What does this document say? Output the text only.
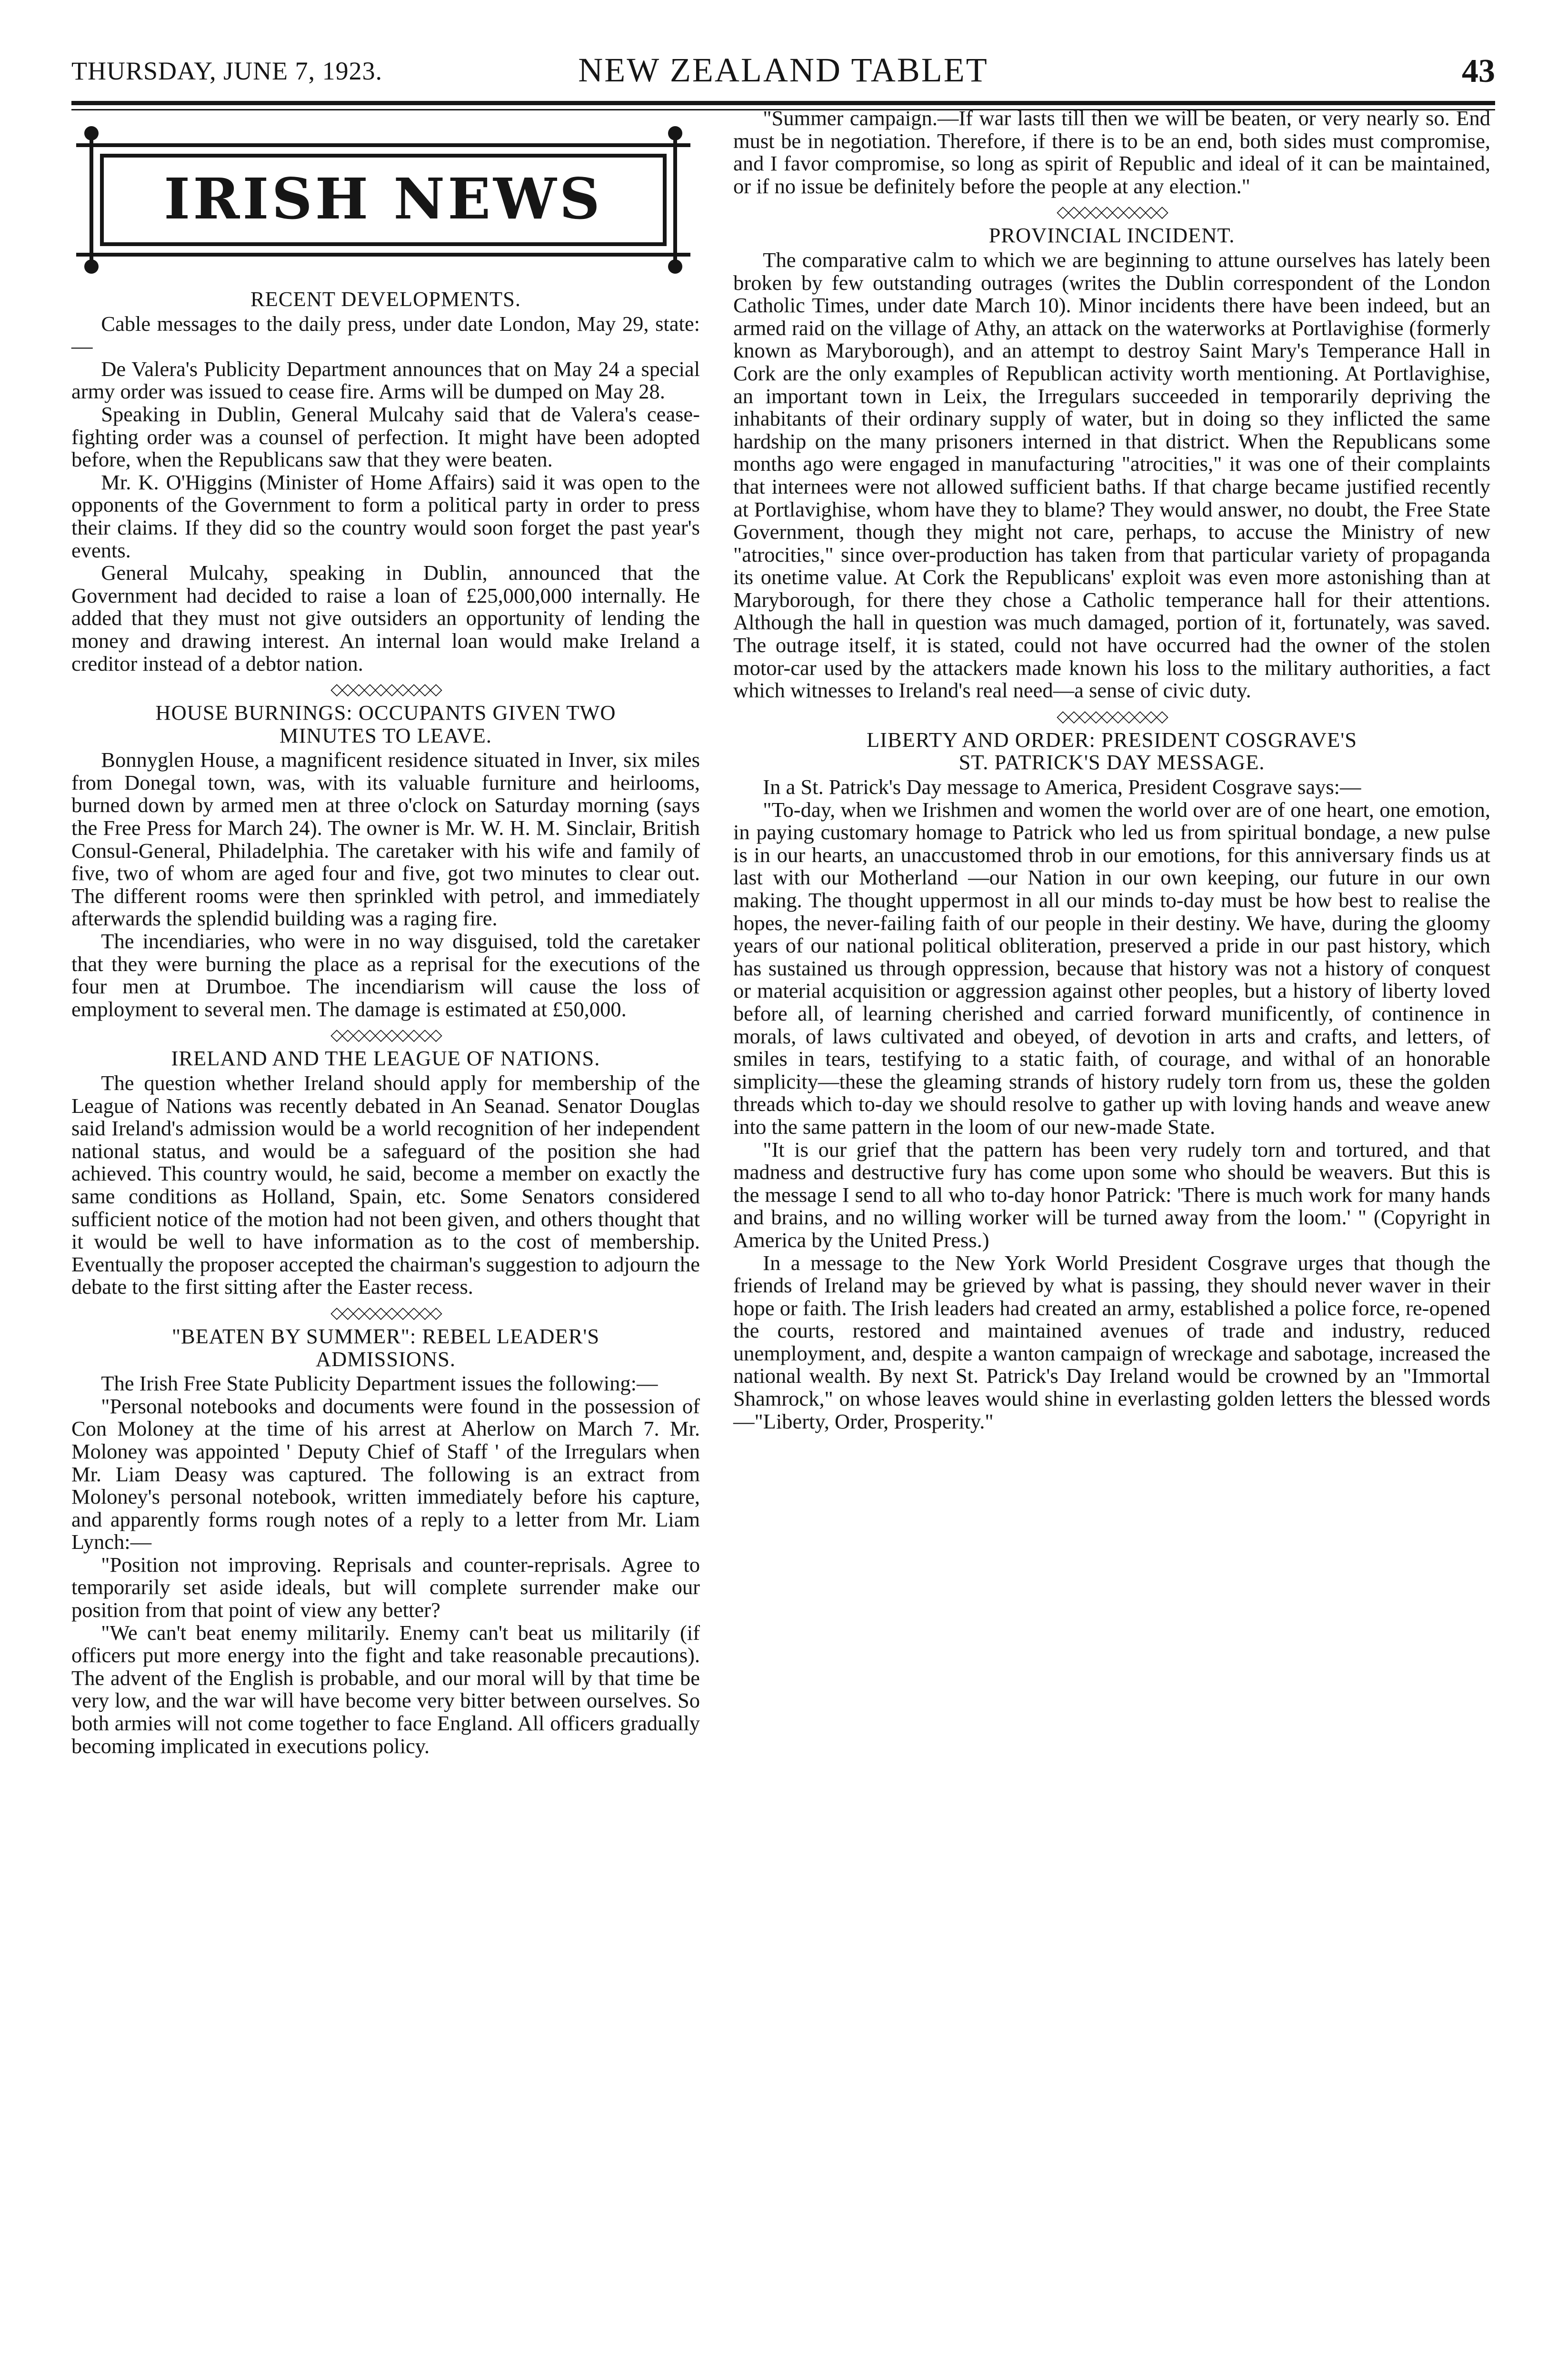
THURSDAY, JUNE 7, 1923.	NEW ZEALAND TABLET	43
IRISH NEWS
RECENT DEVELOPMENTS.

Cable messages to the daily press, under date London, May 29, state:—

De Valera's Publicity Department announces that on May 24 a special army order was issued to cease fire. Arms will be dumped on May 28.

Speaking in Dublin, General Mulcahy said that de Valera's cease-fighting order was a counsel of perfection. It might have been adopted before, when the Republicans saw that they were beaten.

Mr. K. O'Higgins (Minister of Home Affairs) said it was open to the opponents of the Government to form a political party in order to press their claims. If they did so the country would soon forget the past year's events.

General Mulcahy, speaking in Dublin, announced that the Government had decided to raise a loan of £25,000,000 internally. He added that they must not give outsiders an opportunity of lending the money and drawing interest. An internal loan would make Ireland a creditor instead of a debtor nation.

◇◇◇◇◇◇◇◇◇◇
HOUSE BURNINGS: OCCUPANTS GIVEN TWO
MINUTES TO LEAVE.

Bonnyglen House, a magnificent residence situated in Inver, six miles from Donegal town, was, with its valuable furniture and heirlooms, burned down by armed men at three o'clock on Saturday morning (says the Free Press for March 24). The owner is Mr. W. H. M. Sinclair, British Consul-General, Philadelphia. The caretaker with his wife and family of five, two of whom are aged four and five, got two minutes to clear out. The different rooms were then sprinkled with petrol, and immediately afterwards the splendid building was a raging fire.

The incendiaries, who were in no way disguised, told the caretaker that they were burning the place as a reprisal for the executions of the four men at Drumboe. The incendiarism will cause the loss of employment to several men. The damage is estimated at £50,000.

◇◇◇◇◇◇◇◇◇◇
IRELAND AND THE LEAGUE OF NATIONS.

The question whether Ireland should apply for membership of the League of Nations was recently debated in An Seanad. Senator Douglas said Ireland's admission would be a world recognition of her independent national status, and would be a safeguard of the position she had achieved. This country would, he said, become a member on exactly the same conditions as Holland, Spain, etc. Some Senators considered sufficient notice of the motion had not been given, and others thought that it would be well to have information as to the cost of membership. Eventually the proposer accepted the chairman's suggestion to adjourn the debate to the first sitting after the Easter recess.

◇◇◇◇◇◇◇◇◇◇
"BEATEN BY SUMMER": REBEL LEADER'S
ADMISSIONS.

The Irish Free State Publicity Department issues the following:—

"Personal notebooks and documents were found in the possession of Con Moloney at the time of his arrest at Aherlow on March 7. Mr. Moloney was appointed ' Deputy Chief of Staff ' of the Irregulars when Mr. Liam Deasy was captured. The following is an extract from Moloney's personal notebook, written immediately before his capture, and apparently forms rough notes of a reply to a letter from Mr. Liam Lynch:—

"Position not improving. Reprisals and counter-reprisals. Agree to temporarily set aside ideals, but will complete surrender make our position from that point of view any better?

"We can't beat enemy militarily. Enemy can't beat us militarily (if officers put more energy into the fight and take reasonable precautions). The advent of the English is probable, and our moral will by that time be very low, and the war will have become very bitter between ourselves. So both armies will not come together to face England. All officers gradually becoming implicated in executions policy.

"Summer campaign.—If war lasts till then we will be beaten, or very nearly so. End must be in negotiation. Therefore, if there is to be an end, both sides must compromise, and I favor compromise, so long as spirit of Republic and ideal of it can be maintained, or if no issue be definitely before the people at any election."

◇◇◇◇◇◇◇◇◇◇
PROVINCIAL INCIDENT.

The comparative calm to which we are beginning to attune ourselves has lately been broken by few outstanding outrages (writes the Dublin correspondent of the London Catholic Times, under date March 10). Minor incidents there have been indeed, but an armed raid on the village of Athy, an attack on the waterworks at Portlavighise (formerly known as Maryborough), and an attempt to destroy Saint Mary's Temperance Hall in Cork are the only examples of Republican activity worth mentioning. At Portlavighise, an important town in Leix, the Irregulars succeeded in temporarily depriving the inhabitants of their ordinary supply of water, but in doing so they inflicted the same hardship on the many prisoners interned in that district. When the Republicans some months ago were engaged in manufacturing "atrocities," it was one of their complaints that internees were not allowed sufficient baths. If that charge became justified recently at Portlavighise, whom have they to blame? They would answer, no doubt, the Free State Government, though they might not care, perhaps, to accuse the Ministry of new "atrocities," since over-production has taken from that particular variety of propaganda its onetime value. At Cork the Republicans' exploit was even more astonishing than at Maryborough, for there they chose a Catholic temperance hall for their attentions. Although the hall in question was much damaged, portion of it, fortunately, was saved. The outrage itself, it is stated, could not have occurred had the owner of the stolen motor-car used by the attackers made known his loss to the military authorities, a fact which witnesses to Ireland's real need—a sense of civic duty.

◇◇◇◇◇◇◇◇◇◇
LIBERTY AND ORDER: PRESIDENT COSGRAVE'S
ST. PATRICK'S DAY MESSAGE.

In a St. Patrick's Day message to America, President Cosgrave says:—

"To-day, when we Irishmen and women the world over are of one heart, one emotion, in paying customary homage to Patrick who led us from spiritual bondage, a new pulse is in our hearts, an unaccustomed throb in our emotions, for this anniversary finds us at last with our Motherland —our Nation in our own keeping, our future in our own making. The thought uppermost in all our minds to-day must be how best to realise the hopes, the never-failing faith of our people in their destiny. We have, during the gloomy years of our national political obliteration, preserved a pride in our past history, which has sustained us through oppression, because that history was not a history of conquest or material acquisition or aggression against other peoples, but a history of liberty loved before all, of learning cherished and carried forward munificently, of continence in morals, of laws cultivated and obeyed, of devotion in arts and crafts, and letters, of smiles in tears, testifying to a static faith, of courage, and withal of an honorable simplicity—these the gleaming strands of history rudely torn from us, these the golden threads which to-day we should resolve to gather up with loving hands and weave anew into the same pattern in the loom of our new-made State.

"It is our grief that the pattern has been very rudely torn and tortured, and that madness and destructive fury has come upon some who should be weavers. But this is the message I send to all who to-day honor Patrick: 'There is much work for many hands and brains, and no willing worker will be turned away from the loom.' " (Copyright in America by the United Press.)

In a message to the New York World President Cosgrave urges that though the friends of Ireland may be grieved by what is passing, they should never waver in their hope or faith. The Irish leaders had created an army, established a police force, re-opened the courts, restored and maintained avenues of trade and industry, reduced unemployment, and, despite a wanton campaign of wreckage and sabotage, increased the national wealth. By next St. Patrick's Day Ireland would be crowned by an "Immortal Shamrock," on whose leaves would shine in everlasting golden letters the blessed words—"Liberty, Order, Prosperity."
